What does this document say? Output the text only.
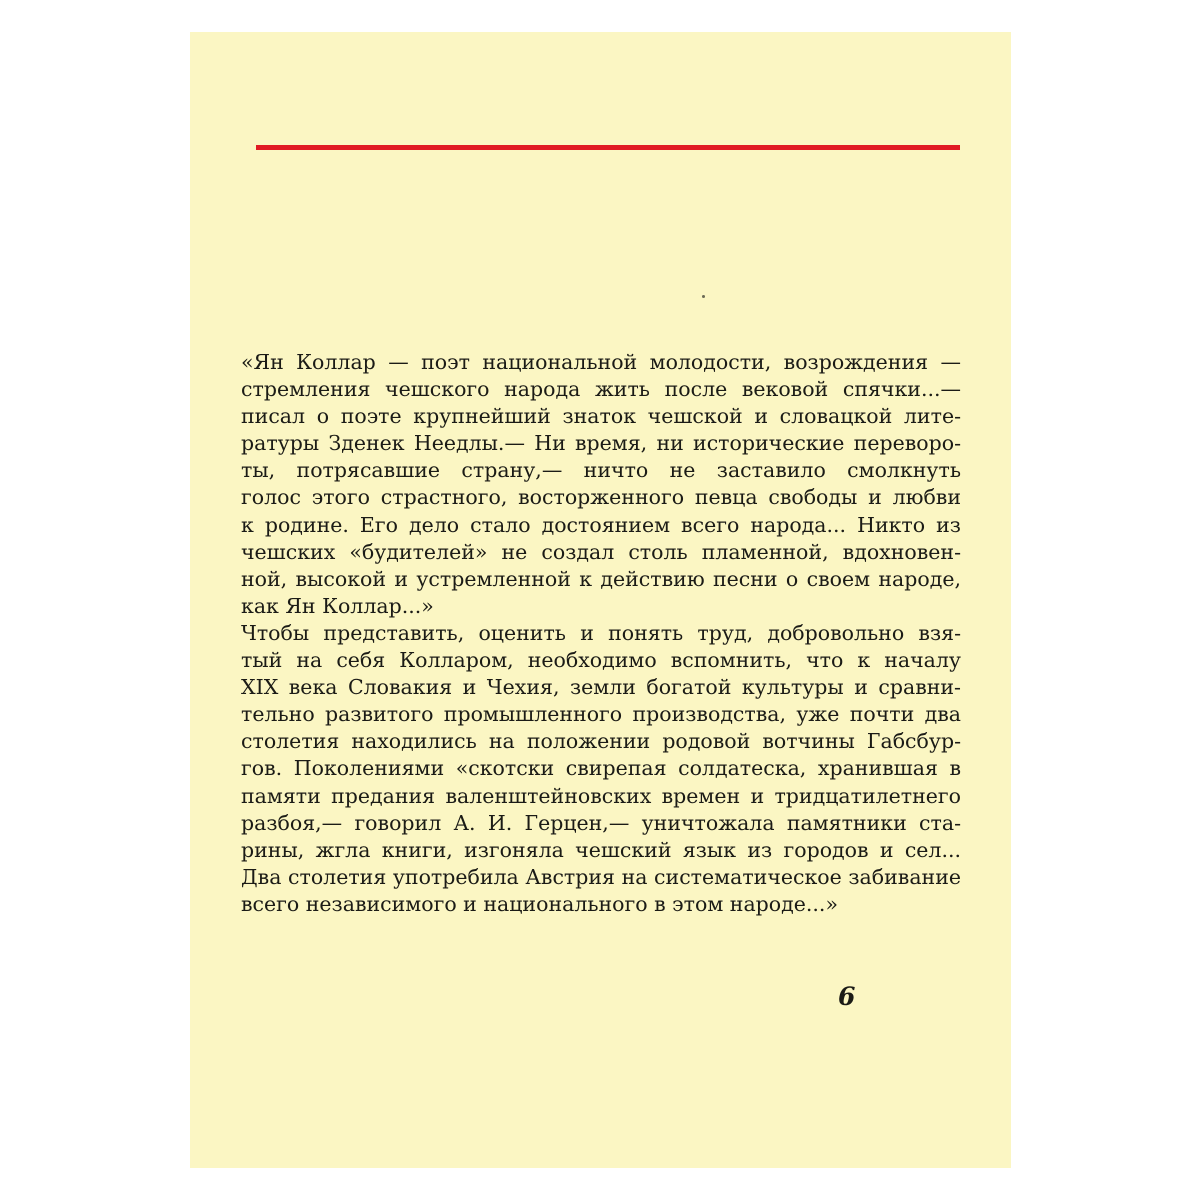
«Ян Коллар — поэт национальной молодости, возрождения —
стремления чешского народа жить после вековой спячки...—
писал о поэте крупнейший знаток чешской и словацкой лите-
ратуры Зденек Неедлы.— Ни время, ни исторические переворо-
ты, потрясавшие страну,— ничто не заставило смолкнуть
голос этого страстного, восторженного певца свободы и любви
к родине. Его дело стало достоянием всего народа... Никто из
чешских «будителей» не создал столь пламенной, вдохновен-
ной, высокой и устремленной к действию песни о своем народе,
как Ян Коллар...»
Чтобы представить, оценить и понять труд, добровольно взя-
тый на себя Колларом, необходимо вспомнить, что к началу
XIX века Словакия и Чехия, земли богатой культуры и сравни-
тельно развитого промышленного производства, уже почти два
столетия находились на положении родовой вотчины Габсбур-
гов. Поколениями «скотски свирепая солдатеска, хранившая в
памяти предания валенштейновских времен и тридцатилетнего
разбоя,— говорил А. И. Герцен,— уничтожала памятники ста-
рины, жгла книги, изгоняла чешский язык из городов и сел...
Два столетия употребила Австрия на систематическое забивание
всего независимого и национального в этом народе...»
6
